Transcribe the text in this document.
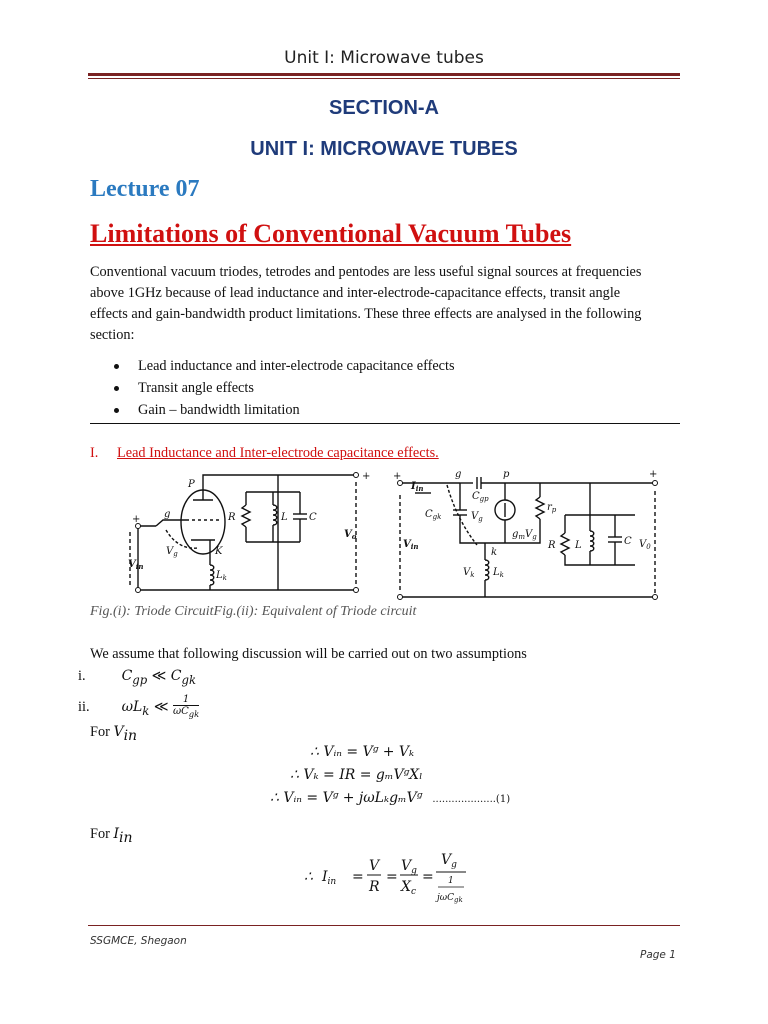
Unit I: Microwave tubes
SECTION-A
UNIT I: MICROWAVE TUBES
Lecture 07
Limitations of Conventional Vacuum Tubes
Conventional vacuum triodes, tetrodes and pentodes are less useful signal sources at frequencies
above 1GHz because of lead inductance and inter-electrode-capacitance effects, transit angle
effects and gain-bandwidth product limitations. These three effects are analysed in the following
section:
Lead inductance and inter-electrode capacitance effects
Transit angle effects
Gain – bandwidth limitation
I. Lead Inductance and Inter-electrode capacitance effects.
P
g
K
$V_g$
$L_k$
R	L C
$V_{in}$
$V_o$
+
+
g	p
$I_{in}$
$C_{gp}$
$C_{gk}$	$V_g$
k
$r_p$
$g_mV_g$
R L	C
$V_{in}$	$V_0$
$V_k$ $L_k$
+	+
Fig.(i): Triode CircuitFig.(ii): Equivalent of Triode circuit
We assume that following discussion will be carried out on two assumptions
i.	$C_{gp}$ ≪ $C_{gk}$
ii. $\omega L_k$ ≪ 1
$\omega C_{gk}$
For $V_{in}$
∴ Vᵢₙ = Vᵍ + Vₖ
∴ Vₖ = IR = gₘVᵍXₗ
∴ Vᵢₙ = Vᵍ + jωLₖgₘVᵍ ....................(1)
For $I_{in}$
∴ $I_{in}$ =
V
R
=
$V_g$
$X_c$
=
$V_g$
1
jωC$_{gk}$
SSGMCE, Shegaon
Page 1
